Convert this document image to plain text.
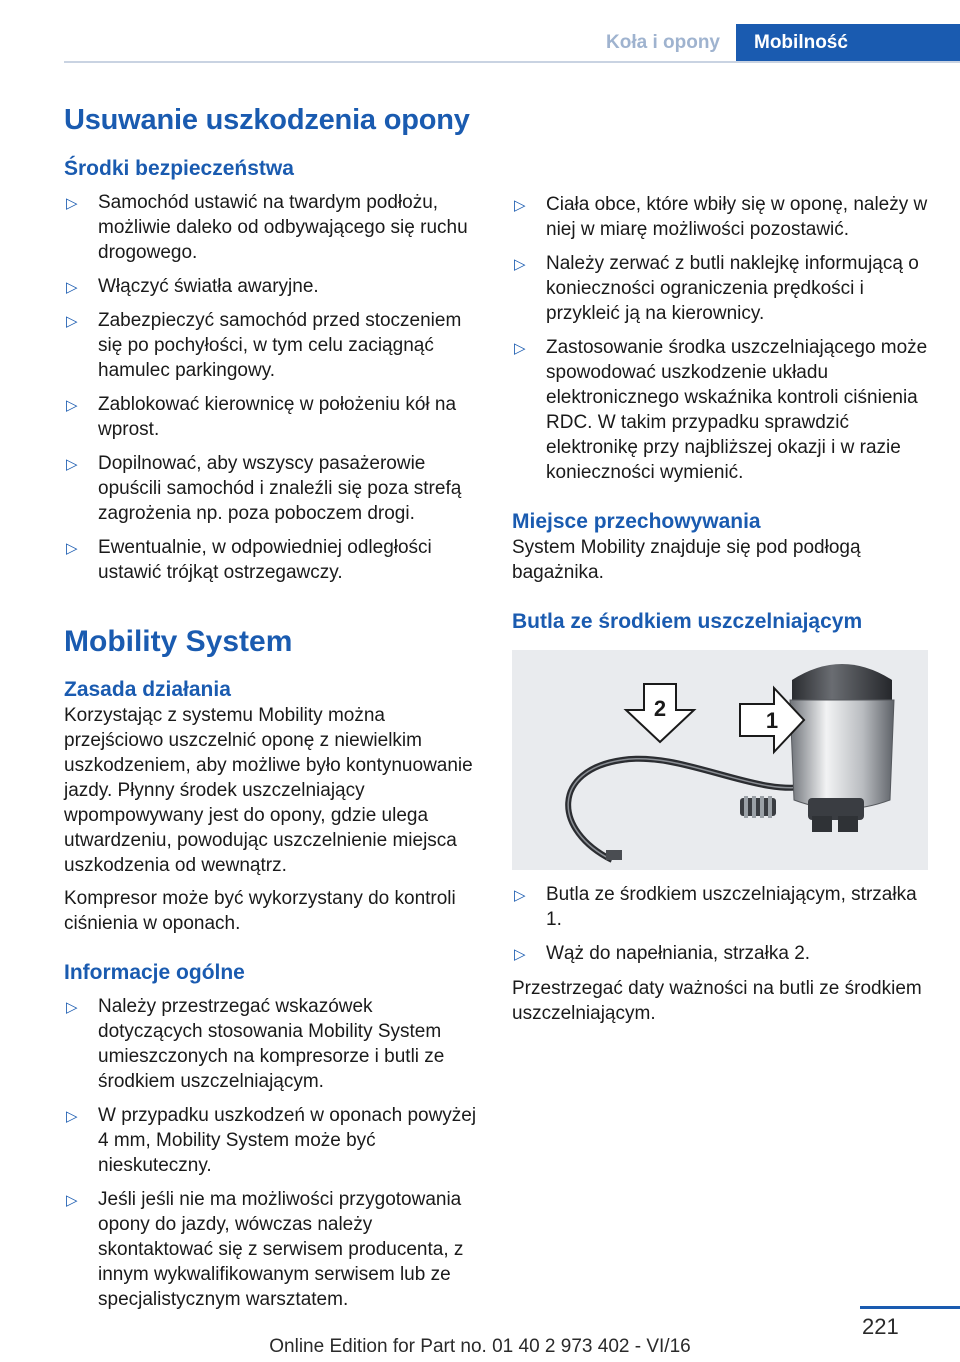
Koła i opony Mobilność
Usuwanie uszkodzenia opony
Środki bezpieczeństwa
▷ Samochód ustawić na twardym podłożu, możliwie daleko od odbywającego się ruchu drogowego.
▷ Włączyć światła awaryjne.
▷ Zabezpieczyć samochód przed stoczeniem się po pochyłości, w tym celu zaciągnąć hamulec parkingowy.
▷ Zablokować kierownicę w położeniu kół na wprost.
▷ Dopilnować, aby wszyscy pasażerowie opuścili samochód i znaleźli się poza strefą zagrożenia np. poza poboczem drogi.
▷ Ewentualnie, w odpowiedniej odległości ustawić trójkąt ostrzegawczy.
Mobility System
Zasada działania

Korzystając z systemu Mobility można przejściowo uszczelnić oponę z niewielkim uszkodzeniem, aby możliwe było kontynuowanie jazdy. Płynny środek uszczelniający wpompowywany jest do opony, gdzie ulega utwardzeniu, powodując uszczelnienie miejsca uszkodzenia od wewnątrz.

Kompresor może być wykorzystany do kontroli ciśnienia w oponach.

Informacje ogólne
▷ Należy przestrzegać wskazówek dotyczących stosowania Mobility System umieszczonych na kompresorze i butli ze środkiem uszczelniającym.
▷ W przypadku uszkodzeń w oponach powyżej 4 mm, Mobility System może być nieskuteczny.
▷ Jeśli jeśli nie ma możliwości przygotowania opony do jazdy, wówczas należy skontaktować się z serwisem producenta, z innym wykwalifikowanym serwisem lub ze specjalistycznym warsztatem.
▷ Ciała obce, które wbiły się w oponę, należy w niej w miarę możliwości pozostawić.
▷ Należy zerwać z butli naklejkę informującą o konieczności ograniczenia prędkości i przykleić ją na kierownicy.
▷ Zastosowanie środka uszczelniającego może spowodować uszkodzenie układu elektronicznego wskaźnika kontroli ciśnienia RDC. W takim przypadku sprawdzić elektronikę przy najbliższej okazji i w razie konieczności wymienić.
Miejsce przechowywania

System Mobility znajduje się pod podłogą bagażnika.

Butla ze środkiem uszczelniającym
2	1
▷ Butla ze środkiem uszczelniającym, strzałka 1.
▷ Wąż do napełniania, strzałka 2.

Przestrzegać daty ważności na butli ze środkiem uszczelniającym.

221
Online Edition for Part no. 01 40 2 973 402 - VI/16
